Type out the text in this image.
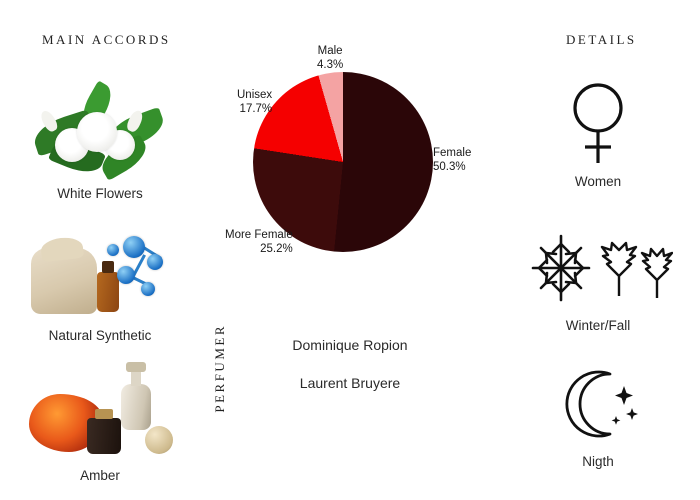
MAIN ACCORDS
White Flowers
Natural Synthetic
Amber
Male
4.3%
Unisex
17.7%
Female
50.3%
More Female
25.2%
PERFUMER	Dominique Ropion
Laurent Bruyere
DETAILS
Women
Winter/Fall
Nigth
